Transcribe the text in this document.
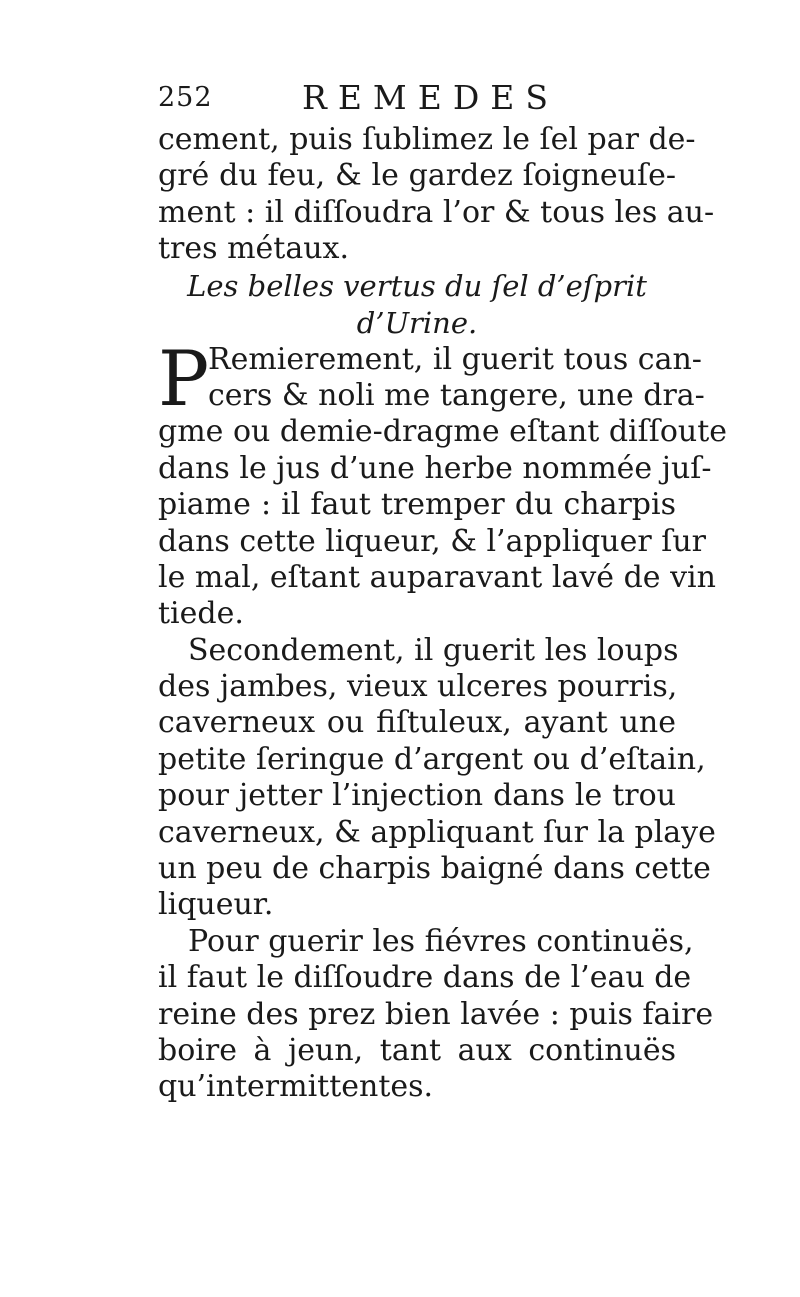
252	REMEDES
cement, puis ſublimez le ſel par de-
gré du feu, & le gardez ſoigneuſe-
ment : il diſſoudra l’or & tous les au-
tres métaux.
Les belles vertus du ſel d’eſprit
d’Urine.
P
Remierement, il guerit tous can-
cers & noli me tangere, une dra-
gme ou demie-dragme eſtant diſſoute
dans le jus d’une herbe nommée juſ-
piame : il faut tremper du charpis
dans cette liqueur, & l’appliquer ſur
le mal, eſtant auparavant lavé de vin
tiede.
Secondement, il guerit les loups
des jambes, vieux ulceres pourris,
caverneux ou fiſtuleux, ayant une
petite ſeringue d’argent ou d’eſtain,
pour jetter l’injection dans le trou
caverneux, & appliquant ſur la playe
un peu de charpis baigné dans cette
liqueur.
Pour guerir les fiévres continuës,
il faut le diſſoudre dans de l’eau de
reine des prez bien lavée : puis faire
boire à jeun, tant aux continuës
qu’intermittentes.
